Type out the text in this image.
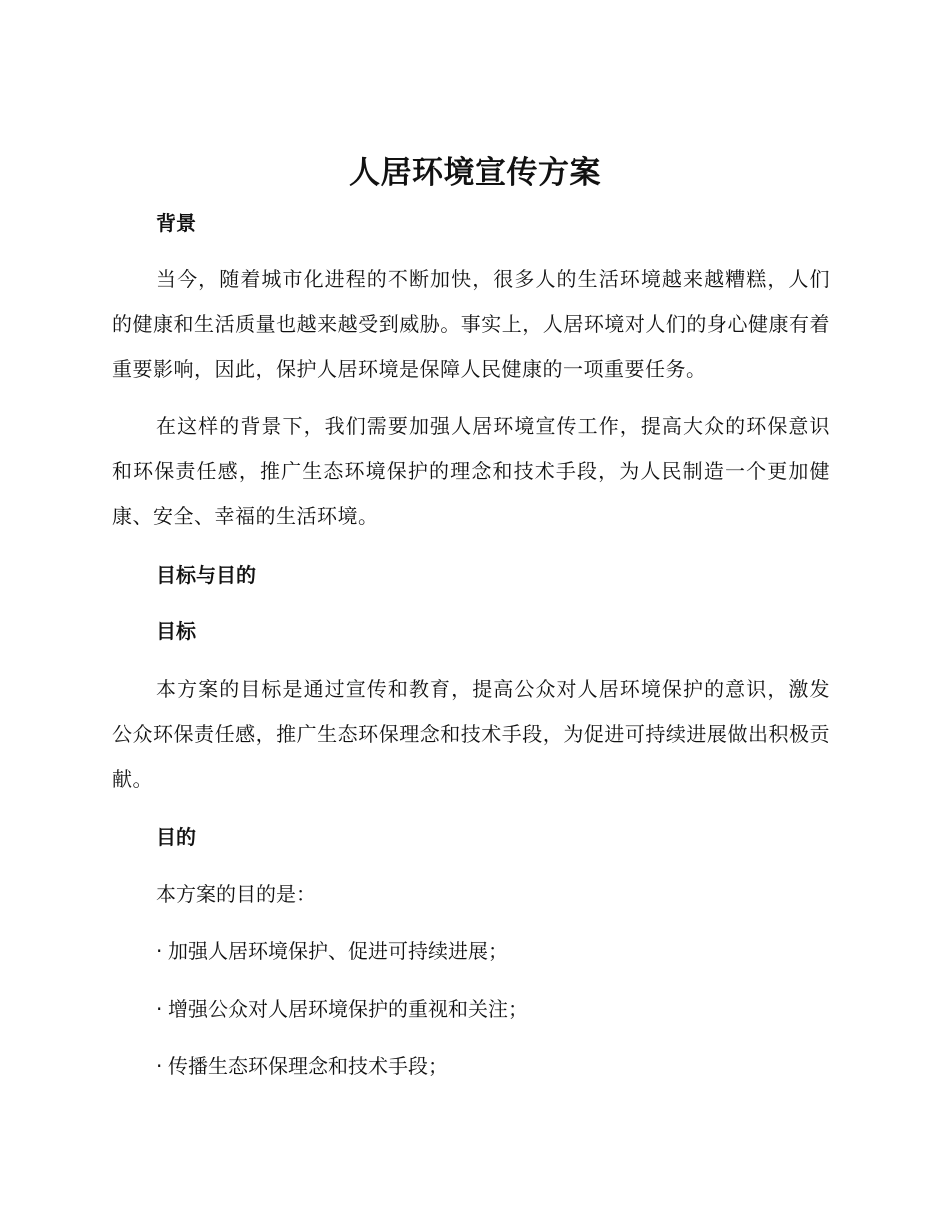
人居环境宣传方案
背景

当今，随着城市化进程的不断加快，很多人的生活环境越来越糟糕，人们的健康和生活质量也越来越受到威胁。事实上，人居环境对人们的身心健康有着重要影响，因此，保护人居环境是保障人民健康的一项重要任务。

在这样的背景下，我们需要加强人居环境宣传工作，提高大众的环保意识和环保责任感，推广生态环境保护的理念和技术手段，为人民制造一个更加健康、安全、幸福的生活环境。

目标与目的
目标

本方案的目标是通过宣传和教育，提高公众对人居环境保护的意识，激发公众环保责任感，推广生态环保理念和技术手段，为促进可持续进展做出积极贡献。

目的

本方案的目的是：

· 加强人居环境保护、促进可持续进展；

· 增强公众对人居环境保护的重视和关注；

· 传播生态环保理念和技术手段；
